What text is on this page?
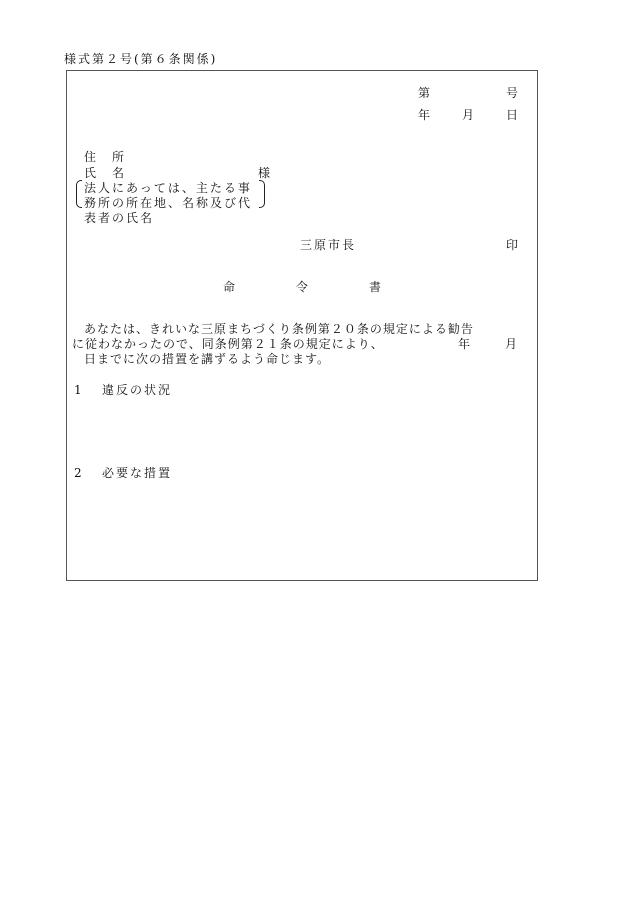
様式第２号(第６条関係)
第	号
年	月	日
住　所
氏　名	様
法人にあっては、主たる事
務所の所在地、名称及び代
表者の氏名
三原市長	印
命	令	書
あなたは、きれいな三原まちづくり条例第２０条の規定による勧告
に従わなかったので、同条例第２１条の規定により、	年	月
日までに次の措置を講ずるよう命じます。
1 違反の状況
2 必要な措置
